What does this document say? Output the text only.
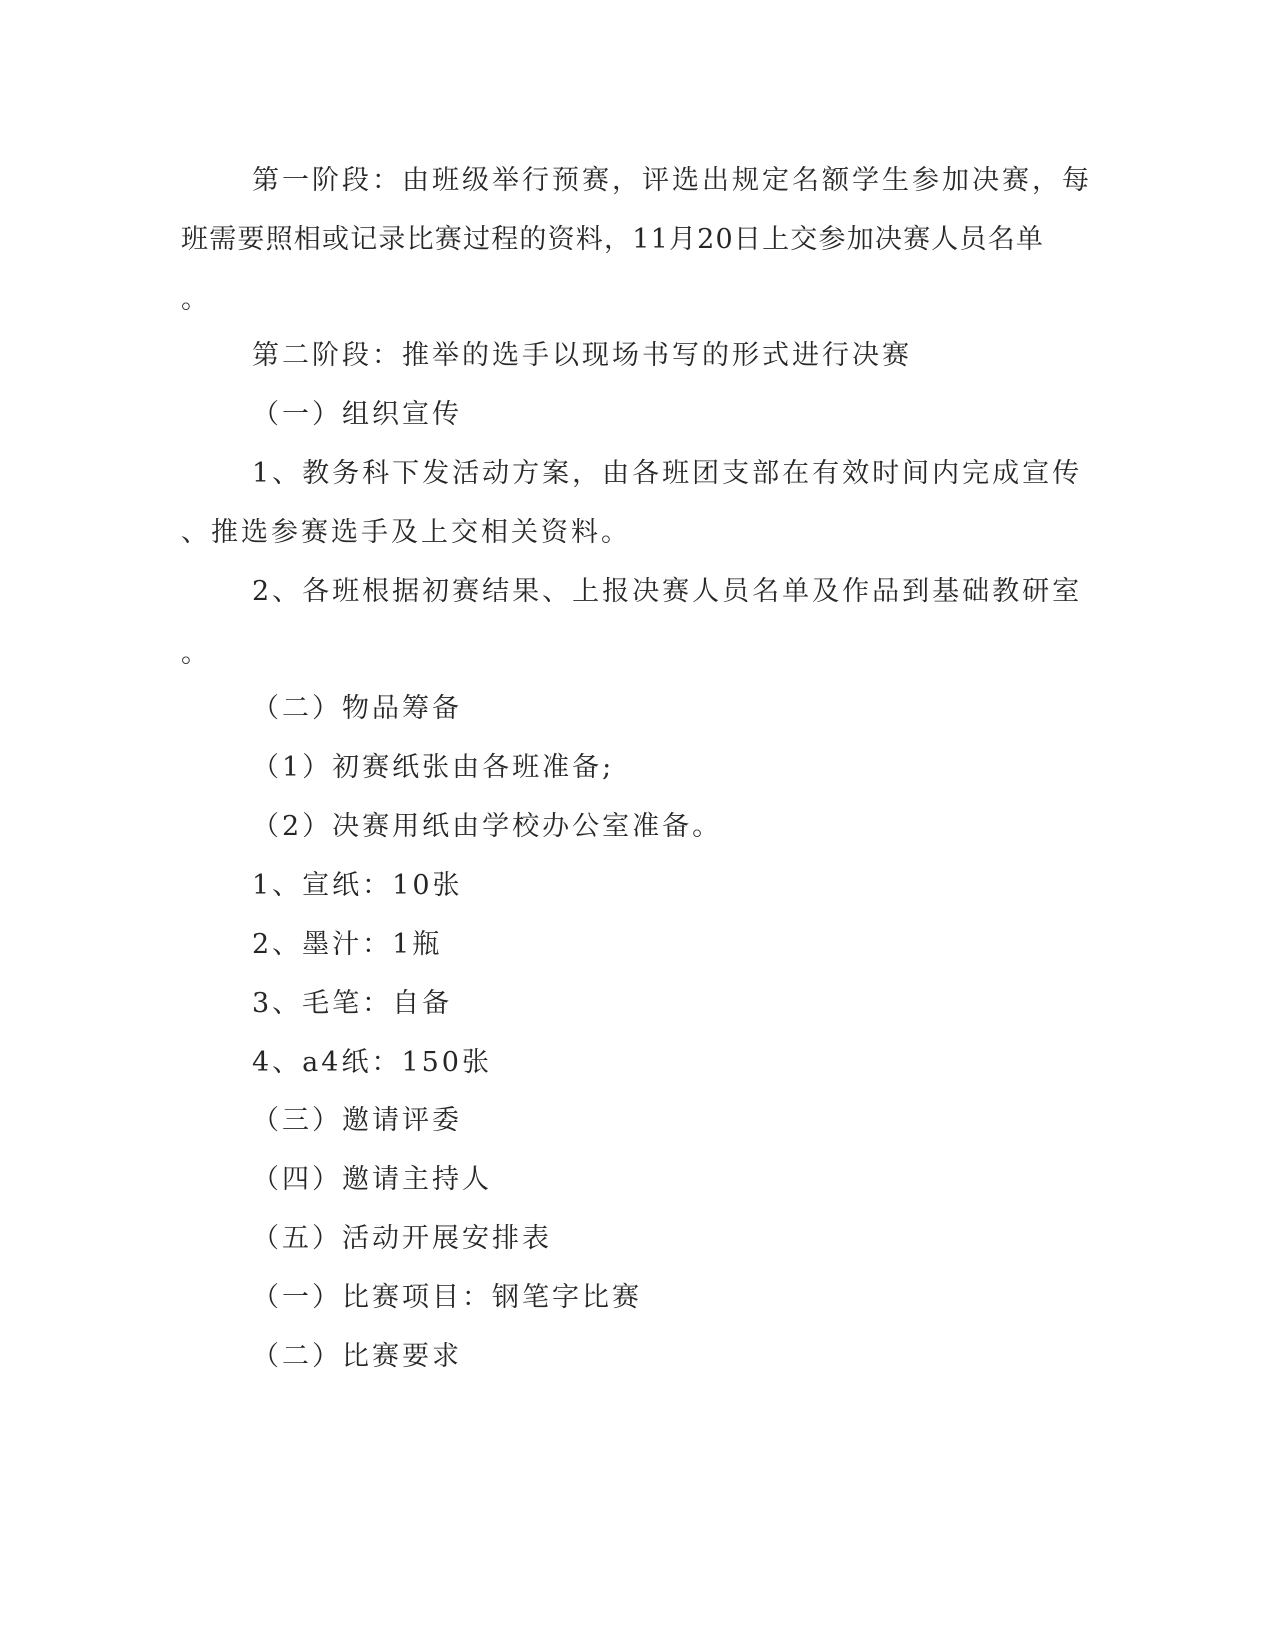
第一阶段：由班级举行预赛，评选出规定名额学生参加决赛，每
班需要照相或记录比赛过程的资料，11月20日上交参加决赛人员名单
。
第二阶段：推举的选手以现场书写的形式进行决赛
（一）组织宣传
1、教务科下发活动方案，由各班团支部在有效时间内完成宣传
、推选参赛选手及上交相关资料。
2、各班根据初赛结果、上报决赛人员名单及作品到基础教研室
。
（二）物品筹备
（1）初赛纸张由各班准备;
（2）决赛用纸由学校办公室准备。
1、宣纸：10张
2、墨汁：1瓶
3、毛笔：自备
4、a4纸：150张
（三）邀请评委
（四）邀请主持人
（五）活动开展安排表
（一）比赛项目：钢笔字比赛
（二）比赛要求
